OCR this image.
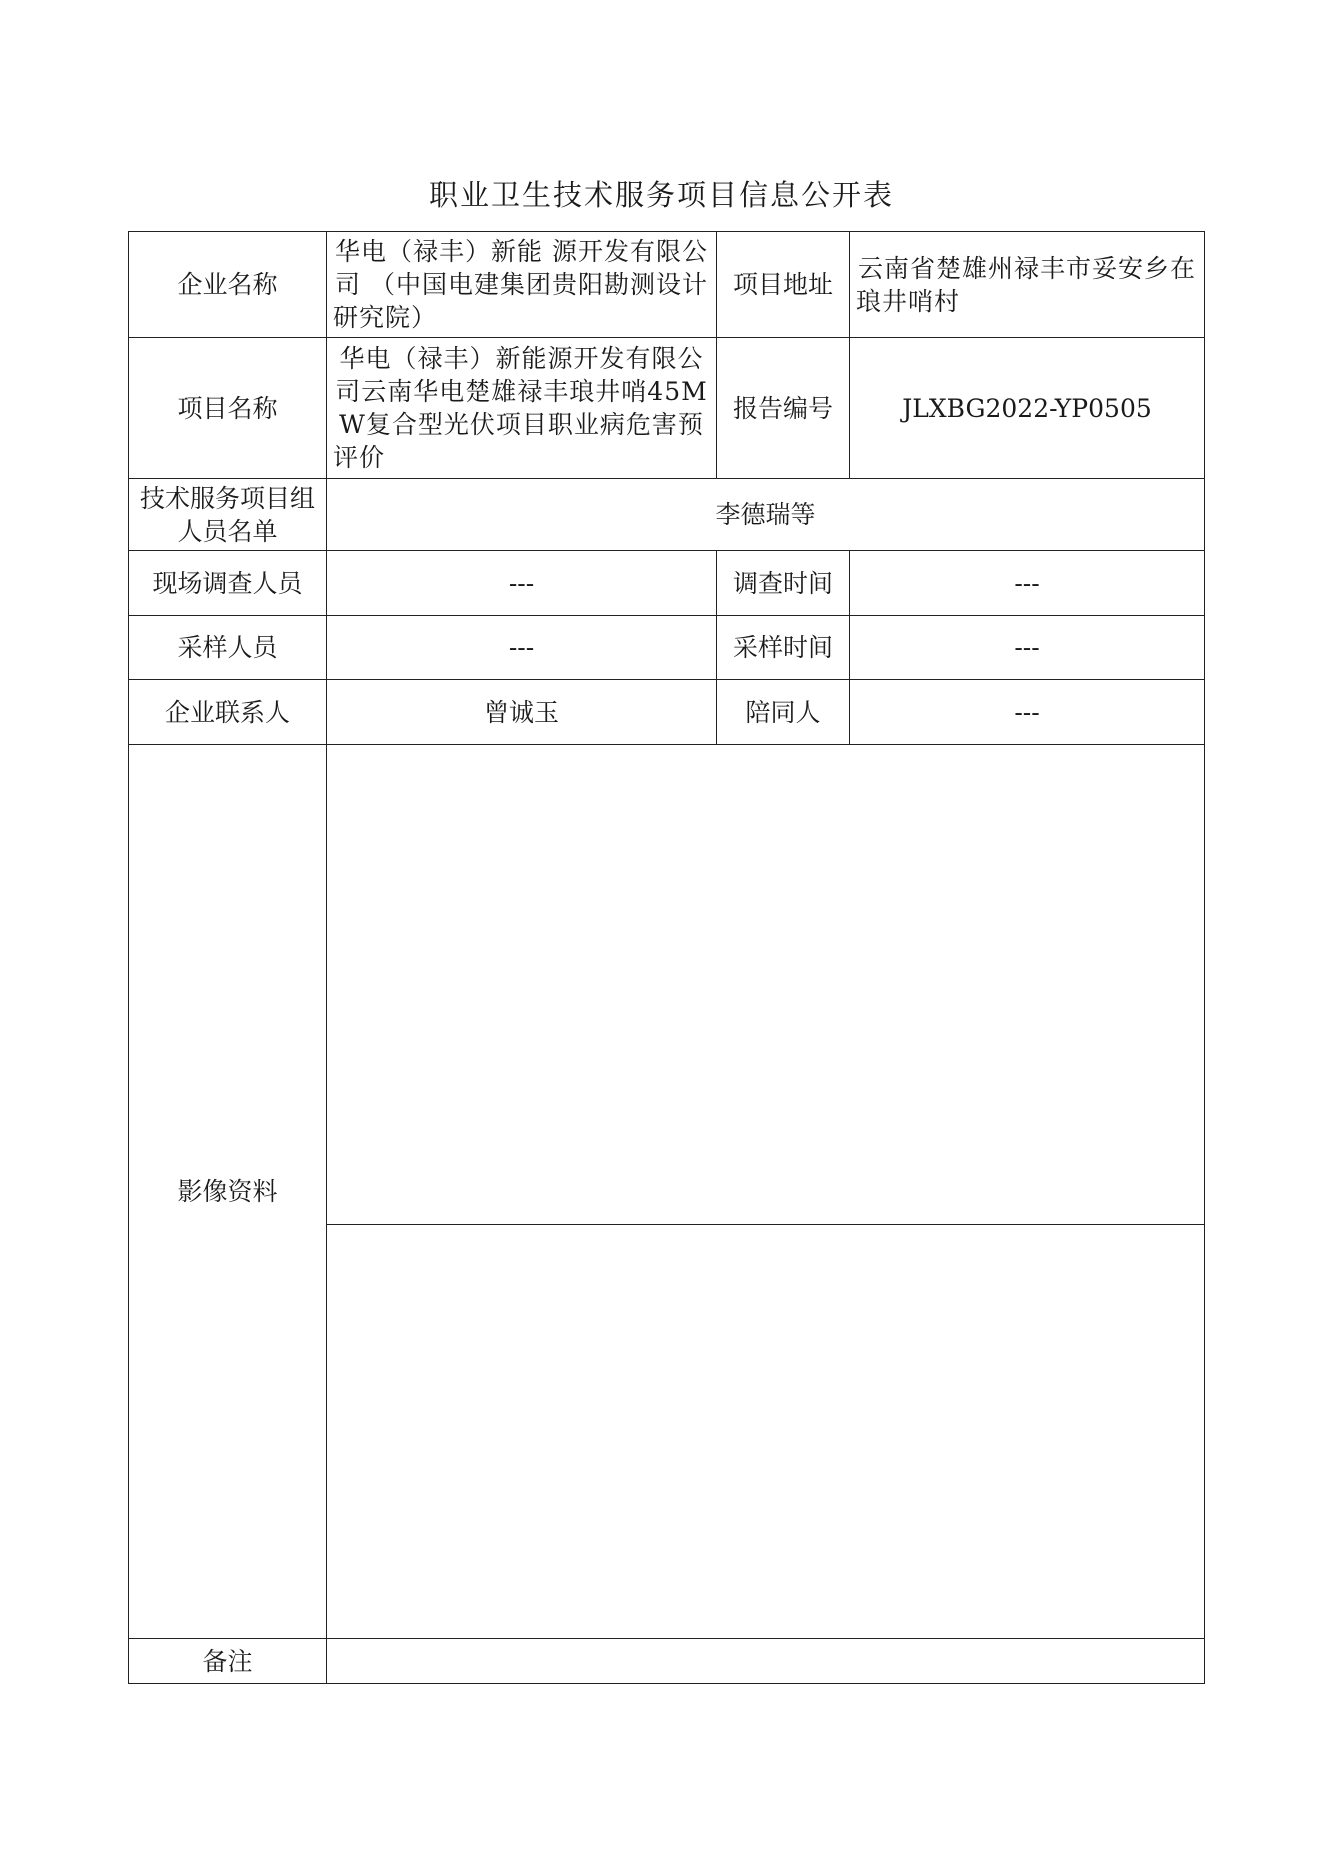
职业卫生技术服务项目信息公开表
企业名称	华电（禄丰）新能 源开发有限公司 （中国电建集团贵阳勘测设计研究院）	项目地址	云南省楚雄州禄丰市妥安乡在琅井哨村
项目名称	华电（禄丰）新能源开发有限公司云南华电楚雄禄丰琅井哨45MW复合型光伏项目职业病危害预评价	报告编号	JLXBG2022-YP0505
技术服务项目组人员名单	李德瑞等		
现场调查人员	---	调查时间	---
采样人员	---	采样时间	---
企业联系人	曾诚玉	陪同人	---
影像资料			

备注			
